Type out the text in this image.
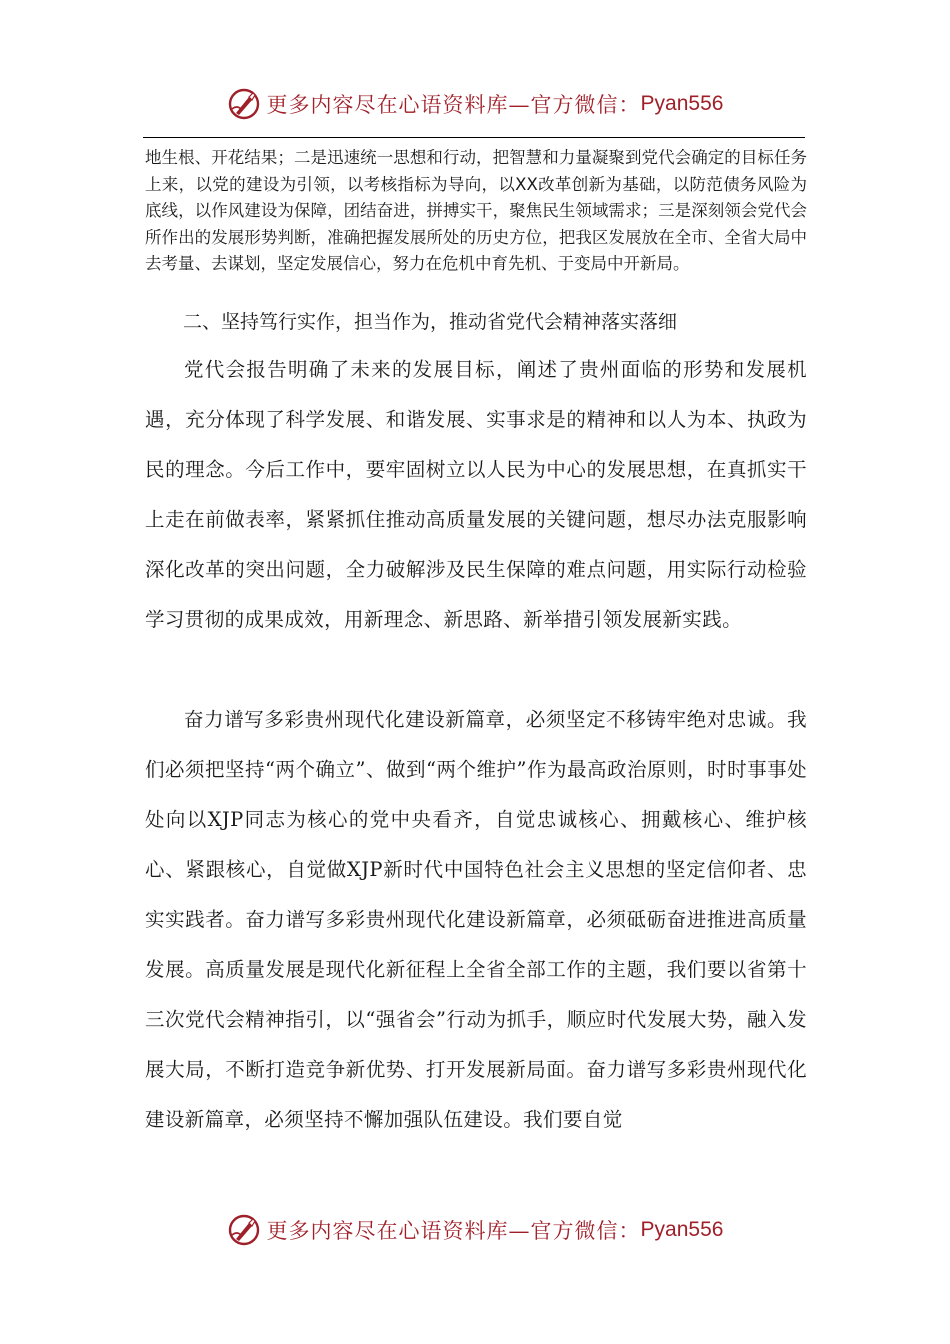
更多内容尽在心语资料库—官方微信： Pyan556

地生根、开花结果；二是迅速统一思想和行动，把智慧和力量凝聚到党代会确定的目标任务上来，以党的建设为引领，以考核指标为导向，以XX改革创新为基础，以防范债务风险为底线，以作风建设为保障，团结奋进，拼搏实干，聚焦民生领域需求；三是深刻领会党代会所作出的发展形势判断，准确把握发展所处的历史方位，把我区发展放在全市、全省大局中去考量、去谋划，坚定发展信心，努力在危机中育先机、于变局中开新局。

二、坚持笃行实作，担当作为，推动省党代会精神落实落细

党代会报告明确了未来的发展目标，阐述了贵州面临的形势和发展机遇，充分体现了科学发展、和谐发展、实事求是的精神和以人为本、执政为民的理念。今后工作中，要牢固树立以人民为中心的发展思想，在真抓实干上走在前做表率，紧紧抓住推动高质量发展的关键问题，想尽办法克服影响深化改革的突出问题，全力破解涉及民生保障的难点问题，用实际行动检验学习贯彻的成果成效，用新理念、新思路、新举措引领发展新实践。

奋力谱写多彩贵州现代化建设新篇章，必须坚定不移铸牢绝对忠诚。我们必须把坚持“两个确立”、做到“两个维护”作为最高政治原则，时时事事处处向以XJP同志为核心的党中央看齐，自觉忠诚核心、拥戴核心、维护核心、紧跟核心，自觉做XJP新时代中国特色社会主义思想的坚定信仰者、忠实实践者。奋力谱写多彩贵州现代化建设新篇章，必须砥砺奋进推进高质量发展。高质量发展是现代化新征程上全省全部工作的主题，我们要以省第十三次党代会精神指引，以“强省会”行动为抓手，顺应时代发展大势，融入发展大局，不断打造竞争新优势、打开发展新局面。奋力谱写多彩贵州现代化建设新篇章，必须坚持不懈加强队伍建设。我们要自觉

更多内容尽在心语资料库—官方微信： Pyan556
